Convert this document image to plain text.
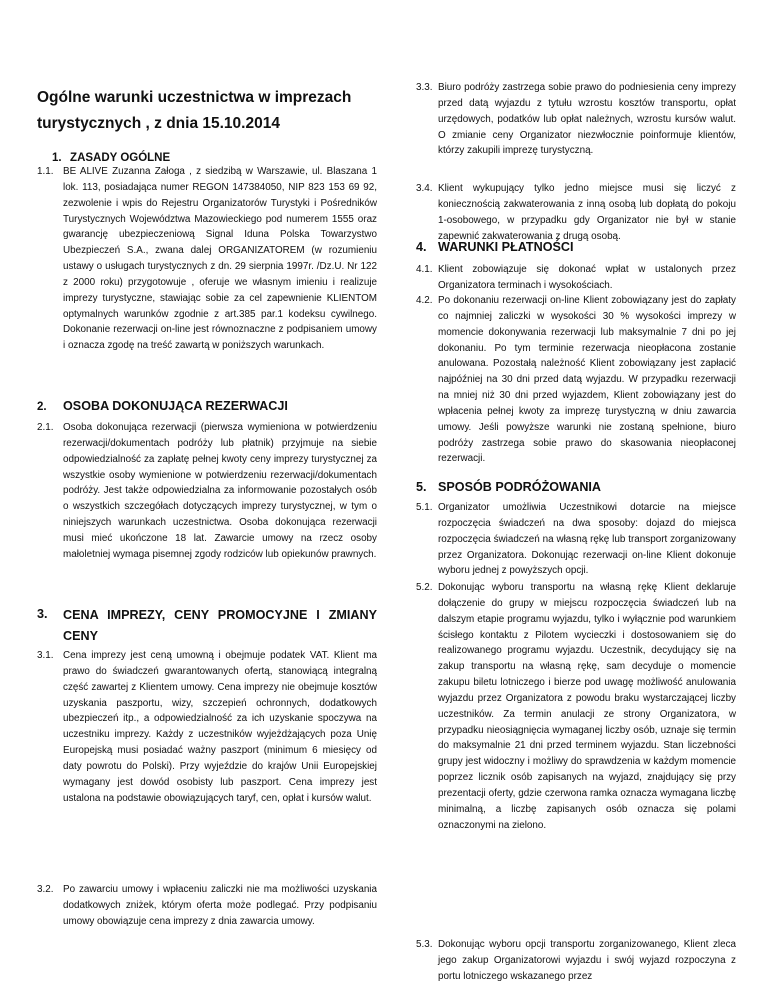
Ogólne warunki uczestnictwa w imprezach turystycznych , z dnia 15.10.2014
1. ZASADY OGÓLNE
1.1. BE ALIVE Zuzanna Załoga , z siedzibą w Warszawie, ul. Blaszana 1 lok. 113, posiadająca numer REGON 147384050, NIP 823 153 69 92, zezwolenie i wpis do Rejestru Organizatorów Turystyki i Pośredników Turystycznych Województwa Mazowieckiego pod numerem 1555 oraz gwarancję ubezpieczeniową Signal Iduna Polska Towarzystwo Ubezpieczeń S.A., zwana dalej ORGANIZATOREM (w rozumieniu ustawy o usługach turystycznych z dn. 29 sierpnia 1997r. /Dz.U. Nr 122 z 2000 roku) przygotowuje , oferuje we własnym imieniu i realizuje imprezy turystyczne, stawiając sobie za cel zapewnienie KLIENTOM optymalnych warunków zgodnie z art.385 par.1 kodeksu cywilnego. Dokonanie rezerwacji on-line jest równoznaczne z podpisaniem umowy i oznacza zgodę na treść zawartą w poniższych warunkach.
2. OSOBA DOKONUJĄCA REZERWACJI
2.1. Osoba dokonująca rezerwacji (pierwsza wymieniona w potwierdzeniu rezerwacji/dokumentach podróży lub płatnik) przyjmuje na siebie odpowiedzialność za zapłatę pełnej kwoty ceny imprezy turystycznej za wszystkie osoby wymienione w potwierdzeniu rezerwacji/dokumentach podróży. Jest także odpowiedzialna za informowanie pozostałych osób o wszystkich szczegółach dotyczących imprezy turystycznej, w tym o niniejszych warunkach uczestnictwa. Osoba dokonująca rezerwacji musi mieć ukończone 18 lat. Zawarcie umowy na rzecz osoby małoletniej wymaga pisemnej zgody rodziców lub opiekunów prawnych.
3. CENA IMPREZY, CENY PROMOCYJNE I ZMIANY CENY
3.1. Cena imprezy jest ceną umowną i obejmuje podatek VAT. Klient ma prawo do świadczeń gwarantowanych ofertą, stanowiącą integralną część zawartej z Klientem umowy. Cena imprezy nie obejmuje kosztów uzyskania paszportu, wizy, szczepień ochronnych, dodatkowych ubezpieczeń itp., a odpowiedzialność za ich uzyskanie spoczywa na uczestniku imprezy. Każdy z uczestników wyjeżdżających poza Unię Europejską musi posiadać ważny paszport (minimum 6 miesięcy od daty powrotu do Polski). Przy wyjeździe do krajów Unii Europejskiej wymagany jest dowód osobisty lub paszport. Cena imprezy jest ustalona na podstawie obowiązujących taryf, cen, opłat i kursów walut.
3.2. Po zawarciu umowy i wpłaceniu zaliczki nie ma możliwości uzyskania dodatkowych zniżek, którym oferta może podlegać. Przy podpisaniu umowy obowiązuje cena imprezy z dnia zawarcia umowy.
3.3. Biuro podróży zastrzega sobie prawo do podniesienia ceny imprezy przed datą wyjazdu z tytułu wzrostu kosztów transportu, opłat urzędowych, podatków lub opłat należnych, wzrostu kursów walut. O zmianie ceny Organizator niezwłocznie poinformuje klientów, którzy zakupili imprezę turystyczną.
3.4. Klient wykupujący tylko jedno miejsce musi się liczyć z koniecznością zakwaterowania z inną osobą lub dopłatą do pokoju 1-osobowego, w przypadku gdy Organizator nie był w stanie zapewnić zakwaterowania z drugą osobą.
4. WARUNKI PŁATNOŚCI
4.1. Klient zobowiązuje się dokonać wpłat w ustalonych przez Organizatora terminach i wysokościach.
4.2. Po dokonaniu rezerwacji on-line Klient zobowiązany jest do zapłaty co najmniej zaliczki w wysokości 30 % wysokości imprezy w momencie dokonywania rezerwacji lub maksymalnie 7 dni po jej dokonaniu. Po tym terminie rezerwacja nieopłacona zostanie anulowana. Pozostałą należność Klient zobowiązany jest zapłacić najpóźniej na 30 dni przed datą wyjazdu. W przypadku rezerwacji na mniej niż 30 dni przed wyjazdem, Klient zobowiązany jest do wpłacenia pełnej kwoty za imprezę turystyczną w dniu zawarcia umowy. Jeśli powyższe warunki nie zostaną spełnione, biuro podróży zastrzega sobie prawo do skasowania nieopłaconej rezerwacji.
5. SPOSÓB PODRÓŻOWANIA
5.1. Organizator umożliwia Uczestnikowi dotarcie na miejsce rozpoczęcia świadczeń na dwa sposoby: dojazd do miejsca rozpoczęcia świadczeń na własną rękę lub transport zorganizowany przez Organizatora. Dokonując rezerwacji on-line Klient dokonuje wyboru jednej z powyższych opcji.
5.2. Dokonując wyboru transportu na własną rękę Klient deklaruje dołączenie do grupy w miejscu rozpoczęcia świadczeń lub na dalszym etapie programu wyjazdu, tylko i wyłącznie pod warunkiem ścisłego kontaktu z Pilotem wycieczki i dostosowaniem się do realizowanego programu wyjazdu. Uczestnik, decydujący się na zakup transportu na własną rękę, sam decyduje o momencie zakupu biletu lotniczego i bierze pod uwagę możliwość anulowania wyjazdu przez Organizatora z powodu braku wystarczającej liczby uczestników. Za termin anulacji ze strony Organizatora, w przypadku nieosiągnięcia wymaganej liczby osób, uznaje się termin do maksymalnie 21 dni przed terminem wyjazdu. Stan liczebności grupy jest widoczny i możliwy do sprawdzenia w każdym momencie poprzez licznik osób zapisanych na wyjazd, znajdujący się przy prezentacji oferty, gdzie czerwona ramka oznacza wymagana liczbę minimalną, a liczbę zapisanych osób oznacza się polami oznaczonymi na zielono.
5.3. Dokonując wyboru opcji transportu zorganizowanego, Klient zleca jego zakup Organizatorowi wyjazdu i swój wyjazd rozpoczyna z portu lotniczego wskazanego przez
